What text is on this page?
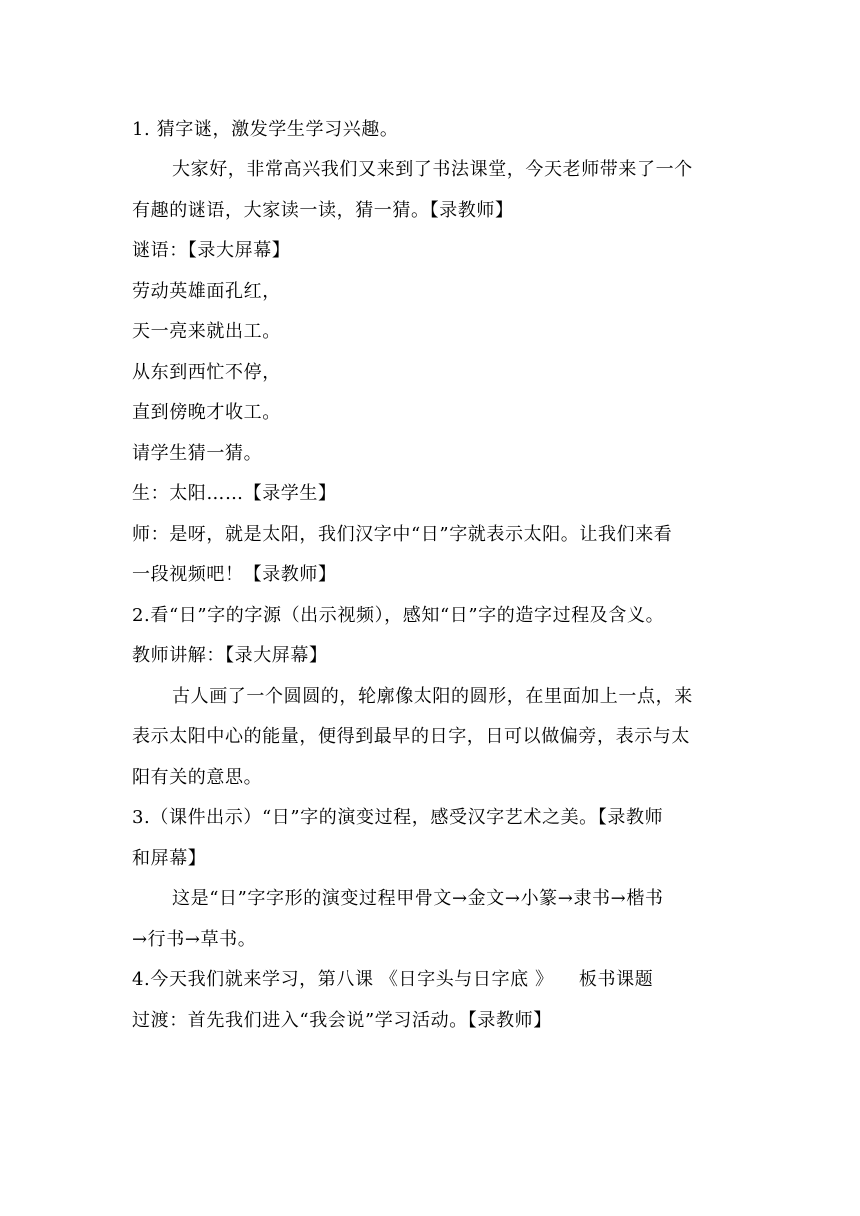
1. 猜字谜，激发学生学习兴趣。
大家好，非常高兴我们又来到了书法课堂，今天老师带来了一个
有趣的谜语，大家读一读，猜一猜。【录教师】
谜语：【录大屏幕】
劳动英雄面孔红，
天一亮来就出工。
从东到西忙不停，
直到傍晚才收工。
请学生猜一猜。
生：太阳……【录学生】
师：是呀，就是太阳，我们汉字中“日”字就表示太阳。让我们来看
一段视频吧！【录教师】
2.看“日”字的字源（出示视频），感知“日”字的造字过程及含义。
教师讲解：【录大屏幕】
古人画了一个圆圆的，轮廓像太阳的圆形，在里面加上一点，来
表示太阳中心的能量，便得到最早的日字，日可以做偏旁，表示与太
阳有关的意思。
3.（课件出示）“日”字的演变过程，感受汉字艺术之美。【录教师
和屏幕】
这是“日”字字形的演变过程甲骨文→金文→小篆→隶书→楷书
→行书→草书。
4.今天我们就来学习，第八课 《日字头与日字底 》    板书课题
过渡：首先我们进入“我会说”学习活动。【录教师】
